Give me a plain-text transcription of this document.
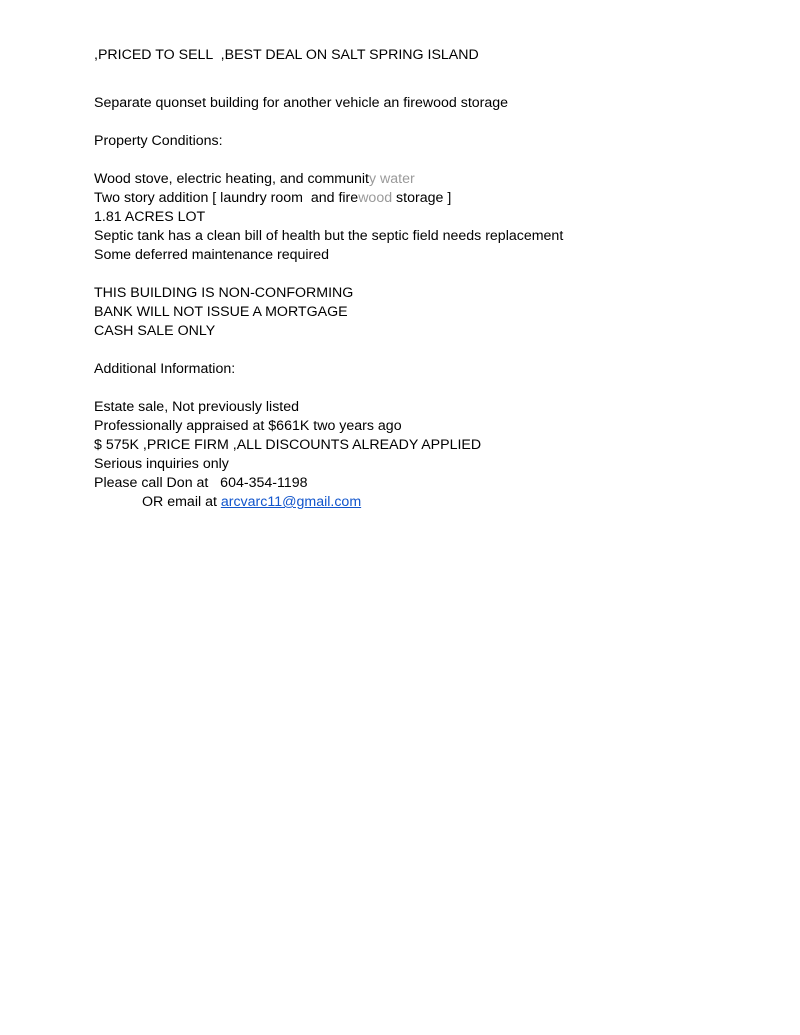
,PRICED TO SELL  ,BEST DEAL ON SALT SPRING ISLAND

Separate quonset building for another vehicle an firewood storage

Property Conditions:

Wood stove, electric heating, and community water

Two story addition [ laundry room  and firewood storage ]

1.81 ACRES LOT

Septic tank has a clean bill of health but the septic field needs replacement

Some deferred maintenance required

THIS BUILDING IS NON-CONFORMING

BANK WILL NOT ISSUE A MORTGAGE

CASH SALE ONLY

Additional Information:

Estate sale, Not previously listed

Professionally appraised at $661K two years ago

$ 575K ,PRICE FIRM ,ALL DISCOUNTS ALREADY APPLIED

Serious inquiries only

Please call Don at   604-354-1198

OR email at arcvarc11@gmail.com
